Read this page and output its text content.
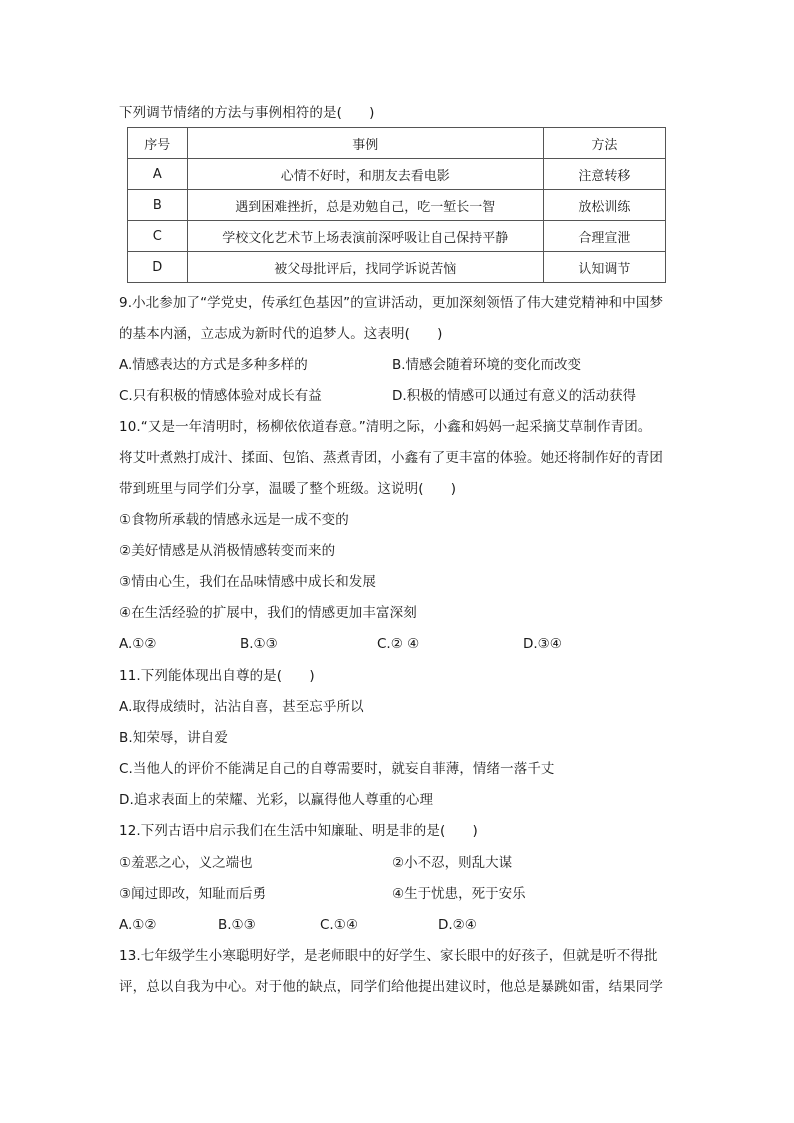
下列调节情绪的方法与事例相符的是(　　)
序号	事例	方法
A	心情不好时，和朋友去看电影	注意转移
B	遇到困难挫折，总是劝勉自己，吃一堑长一智	放松训练
C	学校文化艺术节上场表演前深呼吸让自己保持平静	合理宣泄
D	被父母批评后，找同学诉说苦恼	认知调节
9.小北参加了“学党史，传承红色基因”的宣讲活动，更加深刻领悟了伟大建党精神和中国梦
的基本内涵，立志成为新时代的追梦人。这表明(　　)
A.情感表达的方式是多种多样的	B.情感会随着环境的变化而改变
C.只有积极的情感体验对成长有益	D.积极的情感可以通过有意义的活动获得
10.“又是一年清明时，杨柳依依道春意。”清明之际，小鑫和妈妈一起采摘艾草制作青团。
将艾叶煮熟打成汁、揉面、包馅、蒸煮青团，小鑫有了更丰富的体验。她还将制作好的青团
带到班里与同学们分享，温暖了整个班级。这说明(　　)
①食物所承载的情感永远是一成不变的
②美好情感是从消极情感转变而来的
③情由心生，我们在品味情感中成长和发展
④在生活经验的扩展中，我们的情感更加丰富深刻
A.①②	B.①③	C.② ④	D.③④
11.下列能体现出自尊的是(　　)
A.取得成绩时，沾沾自喜，甚至忘乎所以
B.知荣辱，讲自爱
C.当他人的评价不能满足自己的自尊需要时，就妄自菲薄，情绪一落千丈
D.追求表面上的荣耀、光彩，以赢得他人尊重的心理
12.下列古语中启示我们在生活中知廉耻、明是非的是(　　)
①羞恶之心，义之端也	②小不忍，则乱大谋
③闻过即改，知耻而后勇	④生于忧患，死于安乐
A.①②	B.①③	C.①④	D.②④
13.七年级学生小寒聪明好学，是老师眼中的好学生、家长眼中的好孩子，但就是听不得批
评，总以自我为中心。对于他的缺点，同学们给他提出建议时，他总是暴跳如雷，结果同学
